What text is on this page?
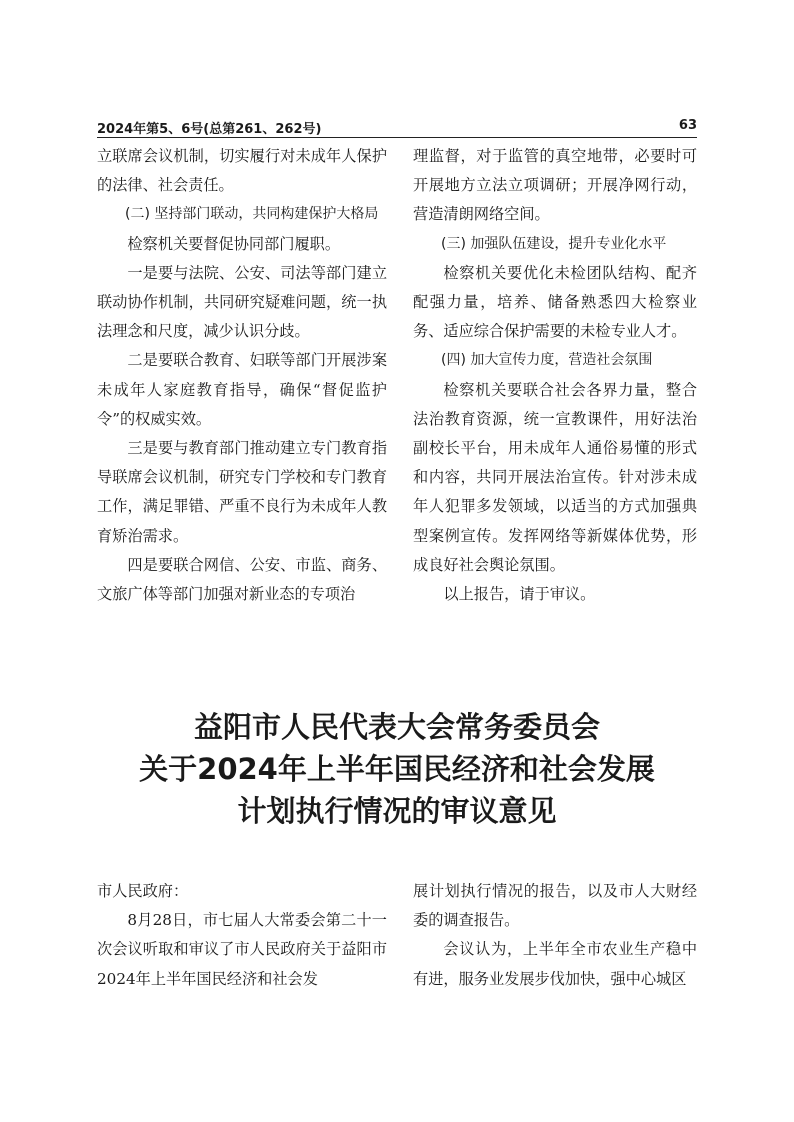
2024年第5、6号(总第261、262号)	63

立联席会议机制，切实履行对未成年人保护的法律、社会责任。

(二) 坚持部门联动，共同构建保护大格局

检察机关要督促协同部门履职。

一是要与法院、公安、司法等部门建立联动协作机制，共同研究疑难问题，统一执法理念和尺度，减少认识分歧。

二是要联合教育、妇联等部门开展涉案未成年人家庭教育指导，确保“督促监护令”的权威实效。

三是要与教育部门推动建立专门教育指导联席会议机制，研究专门学校和专门教育工作，满足罪错、严重不良行为未成年人教育矫治需求。

四是要联合网信、公安、市监、商务、文旅广体等部门加强对新业态的专项治

理监督，对于监管的真空地带，必要时可开展地方立法立项调研；开展净网行动，营造清朗网络空间。

(三) 加强队伍建设，提升专业化水平

检察机关要优化未检团队结构、配齐配强力量，培养、储备熟悉四大检察业务、适应综合保护需要的未检专业人才。

(四) 加大宣传力度，营造社会氛围

检察机关要联合社会各界力量，整合法治教育资源，统一宣教课件，用好法治副校长平台，用未成年人通俗易懂的形式和内容，共同开展法治宣传。针对涉未成年人犯罪多发领域，以适当的方式加强典型案例宣传。发挥网络等新媒体优势，形成良好社会舆论氛围。

以上报告，请于审议。

益阳市人民代表大会常务委员会
关于2024年上半年国民经济和社会发展
计划执行情况的审议意见

市人民政府：

8月28日，市七届人大常委会第二十一次会议听取和审议了市人民政府关于益阳市2024年上半年国民经济和社会发

展计划执行情况的报告，以及市人大财经委的调查报告。

会议认为，上半年全市农业生产稳中有进，服务业发展步伐加快，强中心城区
